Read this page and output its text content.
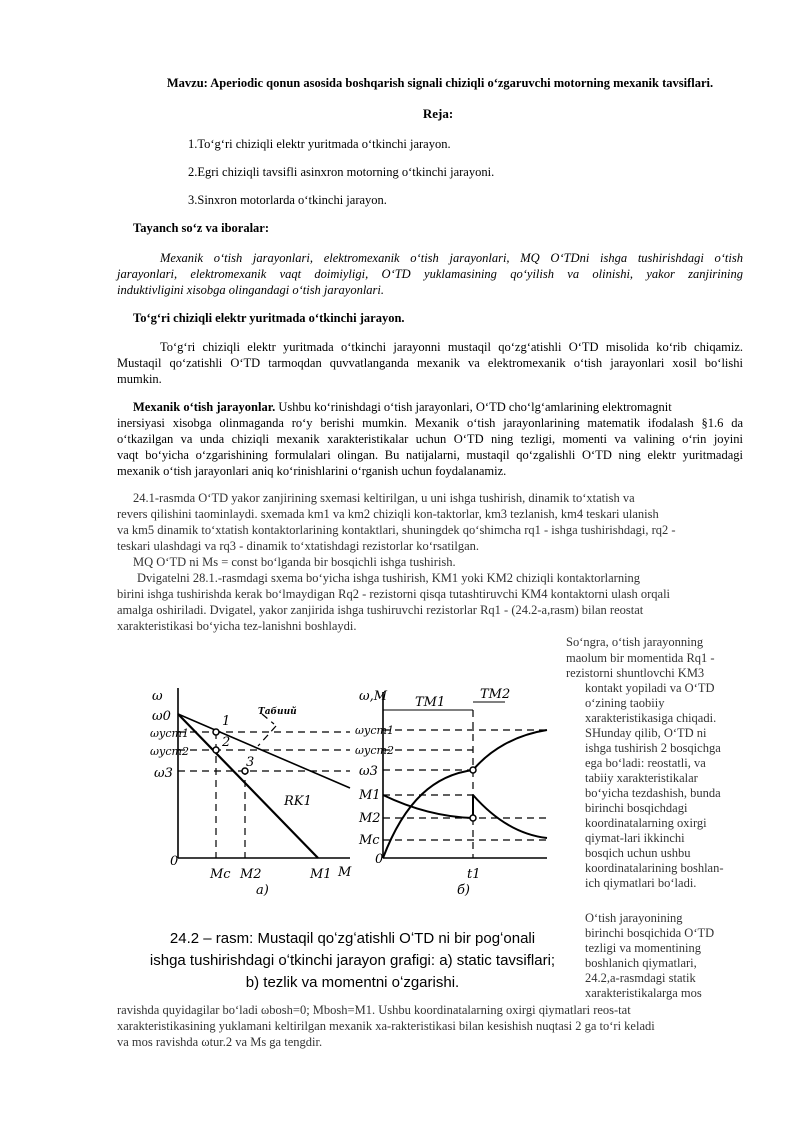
Mavzu: Aperiodic qonun asosida boshqarish signali chiziqli oʻzgaruvchi motorning mexanik tavsiflari.
Reja:
1.Toʻgʻri chiziqli elektr yuritmada oʻtkinchi jarayon.
2.Egri chiziqli tavsifli asinxron motorning oʻtkinchi jarayoni.
3.Sinxron motorlarda oʻtkinchi jarayon.
Tayanch soʻz va iboralar:
Mexanik oʻtish jarayonlari, elektromexanik oʻtish jarayonlari, MQ OʻTDni ishga tushirishdagi oʻtish
jarayonlari, elektromexanik vaqt doimiyligi, OʻTD yuklamasining qoʻyilish va olinishi, yakor zanjirining
induktivligini xisobga olingandagi oʻtish jarayonlari.
Toʻgʻri chiziqli elektr yuritmada oʻtkinchi jarayon.
Toʻgʻri chiziqli elektr yuritmada oʻtkinchi jarayonni mustaqil qoʻzgʻatishli OʻTD misolida koʻrib chiqamiz.
Mustaqil qoʻzatishli OʻTD tarmoqdan quvvatlanganda mexanik va elektromexanik oʻtish jarayonlari xosil boʻlishi
mumkin.
Mexanik oʻtish jarayonlar. Ushbu koʻrinishdagi oʻtish jarayonlari, OʻTD choʻlgʻamlarining elektromagnit
inersiyasi xisobga olinmaganda roʻy berishi mumkin. Mexanik oʻtish jarayonlarining matematik ifodalash §1.6 da
oʻtkazilgan va unda chiziqli mexanik xarakteristikalar uchun OʻTD ning tezligi, momenti va valining oʻrin joyini
vaqt boʻyicha oʻzgarishining formulalari olingan. Bu natijalarni, mustaqil qoʻzgalishli OʻTD ning elektr yuritmadagi
mexanik oʻtish jarayonlari aniq koʻrinishlarini oʻrganish uchun foydalanamiz.
24.1-rasmda OʻTD yakor zanjirining sxemasi keltirilgan, u uni ishga tushirish, dinamik toʻxtatish va
revers qilishini taominlaydi. sxemada km1 va km2 chiziqli kon-taktorlar, km3 tezlanish, km4 teskari ulanish
va km5 dinamik toʻxtatish kontaktorlarining kontaktlari, shuningdek qoʻshimcha rq1 - ishga tushirishdagi, rq2 -
teskari ulashdagi va rq3 - dinamik toʻxtatishdagi rezistorlar koʻrsatilgan.
MQ OʻTD ni Ms = const boʻlganda bir bosqichli ishga tushirish.
Dvigatelni 28.1.-rasmdagi sxema boʻyicha ishga tushirish, KM1 yoki KM2 chiziqli kontaktorlarning
birini ishga tushirishda kerak boʻlmaydigan Rq2 - rezistorni qisqa tutashtiruvchi KM4 kontaktorni ulash orqali
amalga oshiriladi. Dvigatel, yakor zanjirida ishga tushiruvchi rezistorlar Rq1 - (24.2-a,rasm) bilan reostat
xarakteristikasi boʻyicha tez-lanishni boshlaydi.
Soʻngra, oʻtish jarayonning
maolum bir momentida Rq1 -
rezistorni shuntlovchi KM3
kontakt yopiladi va OʻTD
oʻzining taobiiy
xarakteristikasiga chiqadi.
SHunday qilib, OʻTD ni
ishga tushirish 2 bosqichga
ega boʻladi: reostatli, va
tabiiy xarakteristikalar
boʻyicha tezdashish, bunda
birinchi bosqichdagi
koordinatalarning oxirgi
qiymat-lari ikkinchi
bosqich uchun ushbu
koordinatalarining boshlan-
ich qiymatlari boʻladi.
Oʻtish jarayonining
birinchi bosqichida OʻTD
tezligi va momentining
boshlanich qiymatlari,
24.2,a-rasmdagi statik
xarakteristikalarga mos
ω
ω0
ωуст1
ωуст2
ω3
0
Mc M2	M1 M
1
2
3
Табиий
RK1
a)
ω,M
ωуст1
ωуст2
ω3
M1
M2
Mc
0
TM1
TM2
t1
б)
24.2 – rasm: Mustaqil qoʻzgʻatishli OʻTD ni bir pogʻonali
ishga tushirishdagi oʻtkinchi jarayon grafigi: a) static tavsiflari;
b) tezlik va momentni oʻzgarishi.
ravishda quyidagilar boʻladi ωbosh=0; Mbosh=M1. Ushbu koordinatalarning oxirgi qiymatlari reos-tat
xarakteristikasining yuklamani keltirilgan mexanik xa-rakteristikasi bilan kesishish nuqtasi 2 ga toʻri keladi
va mos ravishda ωtur.2 va Ms ga tengdir.
